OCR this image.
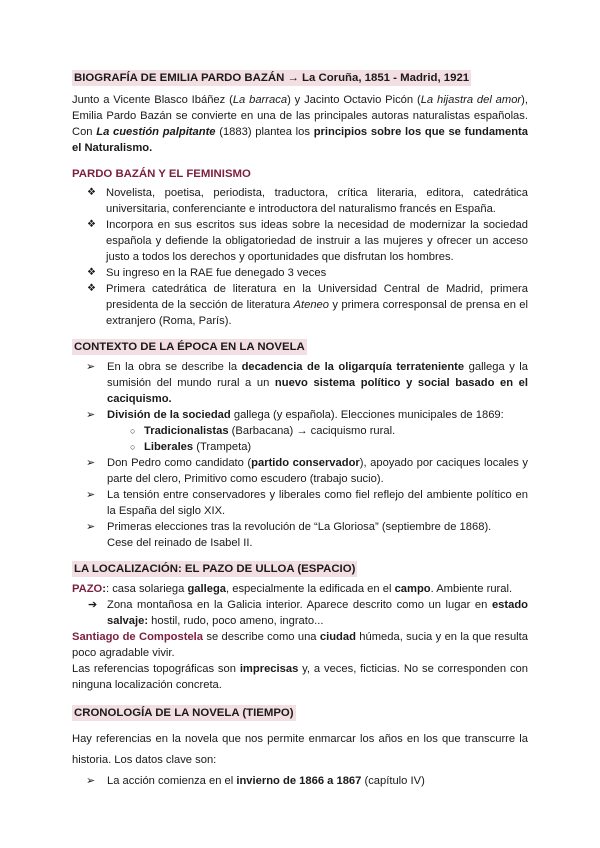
BIOGRAFÍA DE EMILIA PARDO BAZÁN → La Coruña, 1851 - Madrid, 1921

Junto a Vicente Blasco Ibáñez (La barraca) y Jacinto Octavio Picón (La hijastra del amor), Emilia Pardo Bazán se convierte en una de las principales autoras naturalistas españolas. Con La cuestión palpitante (1883) plantea los principios sobre los que se fundamenta el Naturalismo.

PARDO BAZÁN Y EL FEMINISMO
❖ Novelista, poetisa, periodista, traductora, crítica literaria, editora, catedrática universitaria, conferenciante e introductora del naturalismo francés en España.
❖ Incorpora en sus escritos sus ideas sobre la necesidad de modernizar la sociedad española y defiende la obligatoriedad de instruir a las mujeres y ofrecer un acceso justo a todos los derechos y oportunidades que disfrutan los hombres.
❖ Su ingreso en la RAE fue denegado 3 veces
❖ Primera catedrática de literatura en la Universidad Central de Madrid, primera presidenta de la sección de literatura Ateneo y primera corresponsal de prensa en el extranjero (Roma, París).
CONTEXTO DE LA ÉPOCA EN LA NOVELA
➢ En la obra se describe la decadencia de la oligarquía terrateniente gallega y la sumisión del mundo rural a un nuevo sistema político y social basado en el caciquismo.
➢ División de la sociedad gallega (y española). Elecciones municipales de 1869:
○ Tradicionalistas (Barbacana) → caciquismo rural.
○ Liberales (Trampeta)
➢ Don Pedro como candidato (partido conservador), apoyado por caciques locales y parte del clero, Primitivo como escudero (trabajo sucio).
➢ La tensión entre conservadores y liberales como fiel reflejo del ambiente político en la España del siglo XIX.
➢ Primeras elecciones tras la revolución de “La Gloriosa” (septiembre de 1868).
Cese del reinado de Isabel II.
LA LOCALIZACIÓN: EL PAZO DE ULLOA (ESPACIO)

PAZO:: casa solariega gallega, especialmente la edificada en el campo. Ambiente rural.

➔ Zona montañosa en la Galicia interior. Aparece descrito como un lugar en estado salvaje: hostil, rudo, poco ameno, ingrato...

Santiago de Compostela se describe como una ciudad húmeda, sucia y en la que resulta poco agradable vivir.

Las referencias topográficas son imprecisas y, a veces, ficticias. No se corresponden con ninguna localización concreta.

CRONOLOGÍA DE LA NOVELA (TIEMPO)

Hay referencias en la novela que nos permite enmarcar los años en los que transcurre la historia. Los datos clave son:

➢ La acción comienza en el invierno de 1866 a 1867 (capítulo IV)
